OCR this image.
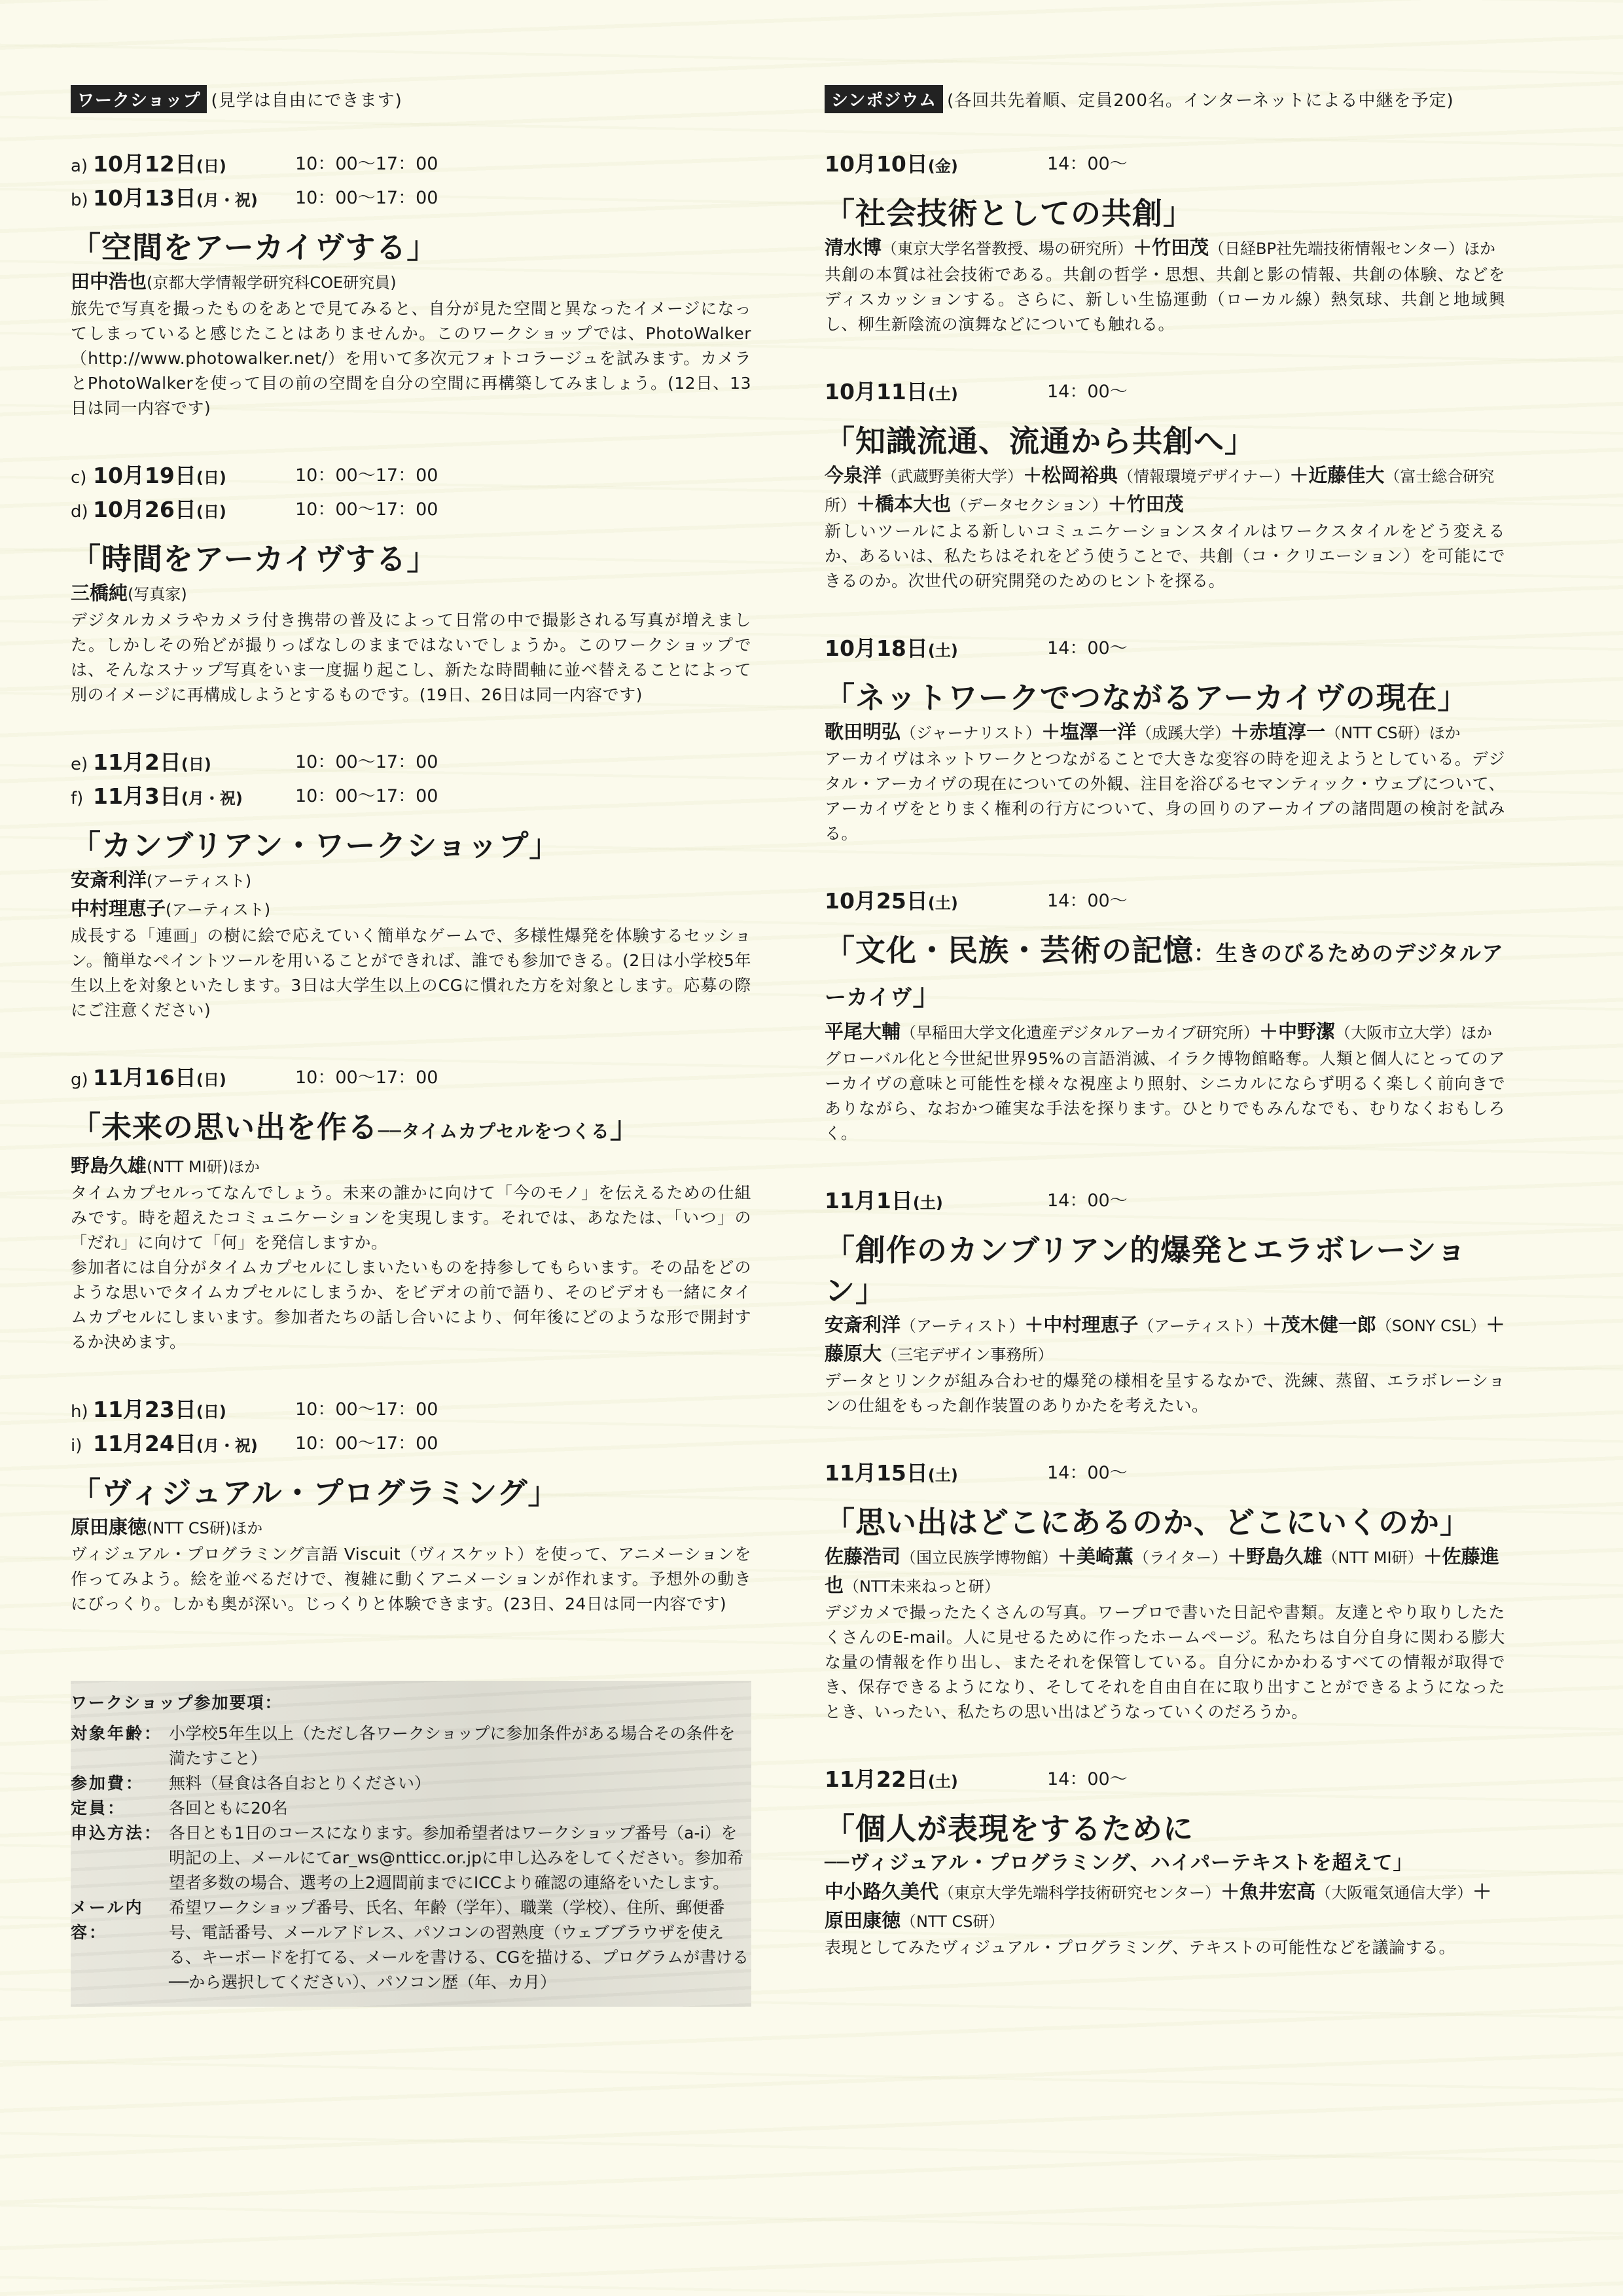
ワークショップ (見学は自由にできます)
a) 10月12日(日)	10：00～17：00
b) 10月13日(月・祝) 10：00～17：00
「空間をアーカイヴする」
田中浩也(京都大学情報学研究科COE研究員)
旅先で写真を撮ったものをあとで見てみると、自分が見た空間と異なったイメージになってしまっていると感じたことはありませんか。このワークショップでは、PhotoWalker（http://www.photowalker.net/）を用いて多次元フォトコラージュを試みます。カメラとPhotoWalkerを使って目の前の空間を自分の空間に再構築してみましょう。(12日、13日は同一内容です)
c) 10月19日(日)	10：00～17：00
d) 10月26日(日)	10：00～17：00
「時間をアーカイヴする」
三橋純(写真家)
デジタルカメラやカメラ付き携帯の普及によって日常の中で撮影される写真が増えました。しかしその殆どが撮りっぱなしのままではないでしょうか。このワークショップでは、そんなスナップ写真をいま一度掘り起こし、新たな時間軸に並べ替えることによって別のイメージに再構成しようとするものです。(19日、26日は同一内容です)
e) 11月2日(日)	10：00～17：00
f) 11月3日(月・祝)	10：00～17：00
「カンブリアン・ワークショップ」
安斎利洋(アーティスト)
中村理恵子(アーティスト)
成長する「連画」の樹に絵で応えていく簡単なゲームで、多様性爆発を体験するセッション。簡単なペイントツールを用いることができれば、誰でも参加できる。(2日は小学校5年生以上を対象といたします。3日は大学生以上のCGに慣れた方を対象とします。応募の際にご注意ください)
g) 11月16日(日)	10：00～17：00
「未来の思い出を作る──タイムカプセルをつくる」
野島久雄(NTT MI研)ほか
タイムカプセルってなんでしょう。未来の誰かに向けて「今のモノ」を伝えるための仕組みです。時を超えたコミュニケーションを実現します。それでは、あなたは、「いつ」の「だれ」に向けて「何」を発信しますか。
参加者には自分がタイムカプセルにしまいたいものを持参してもらいます。その品をどのような思いでタイムカプセルにしまうか、をビデオの前で語り、そのビデオも一緒にタイムカプセルにしまいます。参加者たちの話し合いにより、何年後にどのような形で開封するか決めます。
h) 11月23日(日)	10：00～17：00
i) 11月24日(月・祝) 10：00～17：00
「ヴィジュアル・プログラミング」
原田康徳(NTT CS研)ほか
ヴィジュアル・プログラミング言語 Viscuit（ヴィスケット）を使って、アニメーションを作ってみよう。絵を並べるだけで、複雑に動くアニメーションが作れます。予想外の動きにびっくり。しかも奥が深い。じっくりと体験できます。(23日、24日は同一内容です)
ワークショップ参加要項：
対象年齢： 小学校5年生以上（ただし各ワークショップに参加条件がある場合その条件を満たすこと）
参加費：	無料（昼食は各自おとりください）
定員：	各回ともに20名
申込方法： 各日とも1日のコースになります。参加希望者はワークショップ番号（a-i）を明記の上、メールにてar_ws@ntticc.or.jpに申し込みをしてください。参加希望者多数の場合、選考の上2週間前までにICCより確認の連絡をいたします。
メール内容：
希望ワークショップ番号、氏名、年齢（学年）、職業（学校）、住所、郵便番号、電話番号、メールアドレス、パソコンの習熟度（ウェブブラウザを使える、キーボードを打てる、メールを書ける、CGを描ける、プログラムが書ける──から選択してください）、パソコン歴（年、カ月）
シンポジウム (各回共先着順、定員200名。インターネットによる中継を予定)
10月10日(金)	14：00～
「社会技術としての共創」
清水博（東京大学名誉教授、場の研究所）＋竹田茂（日経BP社先端技術情報センター）ほか
共創の本質は社会技術である。共創の哲学・思想、共創と影の情報、共創の体験、などをディスカッションする。さらに、新しい生協運動（ローカル線）熱気球、共創と地域興し、柳生新陰流の演舞などについても触れる。
10月11日(土)	14：00～
「知識流通、流通から共創へ」
今泉洋（武蔵野美術大学）＋松岡裕典（情報環境デザイナー）＋近藤佳大（富士総合研究所）＋橋本大也（データセクション）＋竹田茂
新しいツールによる新しいコミュニケーションスタイルはワークスタイルをどう変えるか、あるいは、私たちはそれをどう使うことで、共創（コ・クリエーション）を可能にできるのか。次世代の研究開発のためのヒントを探る。
10月18日(土)	14：00～
「ネットワークでつながるアーカイヴの現在」
歌田明弘（ジャーナリスト）＋塩澤一洋（成蹊大学）＋赤埴淳一（NTT CS研）ほか
アーカイヴはネットワークとつながることで大きな変容の時を迎えようとしている。デジタル・アーカイヴの現在についての外観、注目を浴びるセマンティック・ウェブについて、アーカイヴをとりまく権利の行方について、身の回りのアーカイブの諸問題の検討を試みる。
10月25日(土)	14：00～
「文化・民族・芸術の記憶：生きのびるためのデジタルアーカイヴ」
平尾大輔（早稲田大学文化遺産デジタルアーカイブ研究所）＋中野潔（大阪市立大学）ほか
グローバル化と今世紀世界95%の言語消滅、イラク博物館略奪。人類と個人にとってのアーカイヴの意味と可能性を様々な視座より照射、シニカルにならず明るく楽しく前向きでありながら、なおかつ確実な手法を探ります。ひとりでもみんなでも、むりなくおもしろく。
11月1日(土)	14：00～
「創作のカンブリアン的爆発とエラボレーション」
安斎利洋（アーティスト）＋中村理恵子（アーティスト）＋茂木健一郎（SONY CSL）＋藤原大（三宅デザイン事務所）
データとリンクが組み合わせ的爆発の様相を呈するなかで、洗練、蒸留、エラボレーションの仕組をもった創作装置のありかたを考えたい。
11月15日(土)	14：00～
「思い出はどこにあるのか、どこにいくのか」
佐藤浩司（国立民族学博物館）＋美崎薫（ライター）＋野島久雄（NTT MI研）＋佐藤進也（NTT未来ねっと研）
デジカメで撮ったたくさんの写真。ワープロで書いた日記や書類。友達とやり取りしたたくさんのE-mail。人に見せるために作ったホームページ。私たちは自分自身に関わる膨大な量の情報を作り出し、またそれを保管している。自分にかかわるすべての情報が取得でき、保存できるようになり、そしてそれを自由自在に取り出すことができるようになったとき、いったい、私たちの思い出はどうなっていくのだろうか。
11月22日(土)	14：00～
「個人が表現をするために
──ヴィジュアル・プログラミング、ハイパーテキストを超えて」
中小路久美代（東京大学先端科学技術研究センター）＋魚井宏高（大阪電気通信大学）＋原田康徳（NTT CS研）
表現としてみたヴィジュアル・プログラミング、テキストの可能性などを議論する。
